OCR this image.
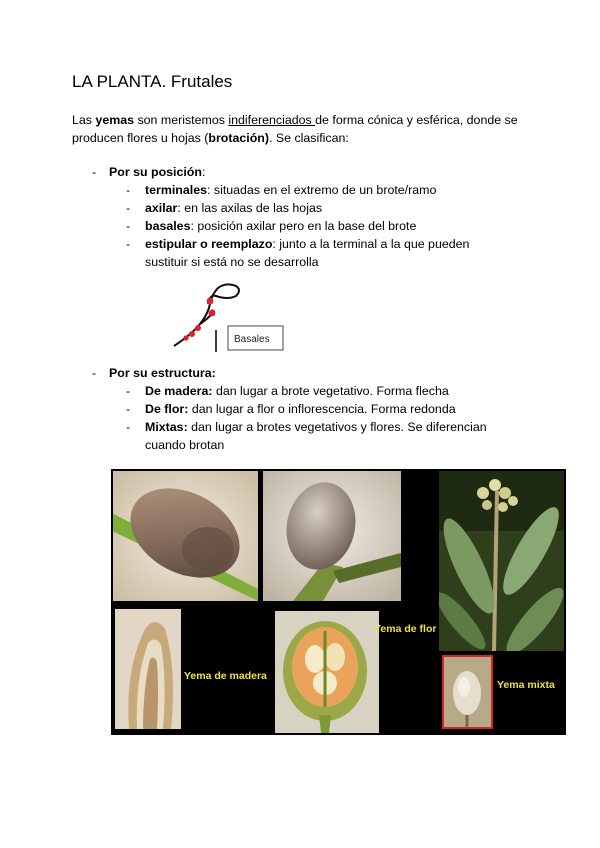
LA PLANTA. Frutales

Las yemas son meristemos indiferenciados de forma cónica y esférica, donde se producen flores u hojas (brotación). Se clasifican:

- Por su posición:
- terminales: situadas en el extremo de un brote/ramo
- axilar: en las axilas de las hojas
- basales: posición axilar pero en la base del brote
- estipular o reemplazo: junto a la terminal a la que pueden sustituir si está no se desarrolla
Basales
- Por su estructura:
- De madera: dan lugar a brote vegetativo. Forma flecha
- De flor: dan lugar a flor o inflorescencia. Forma redonda
- Mixtas: dan lugar a brotes vegetativos y flores. Se diferencian cuando brotan
Yema de madera
Yema de flor
Yema mixta
